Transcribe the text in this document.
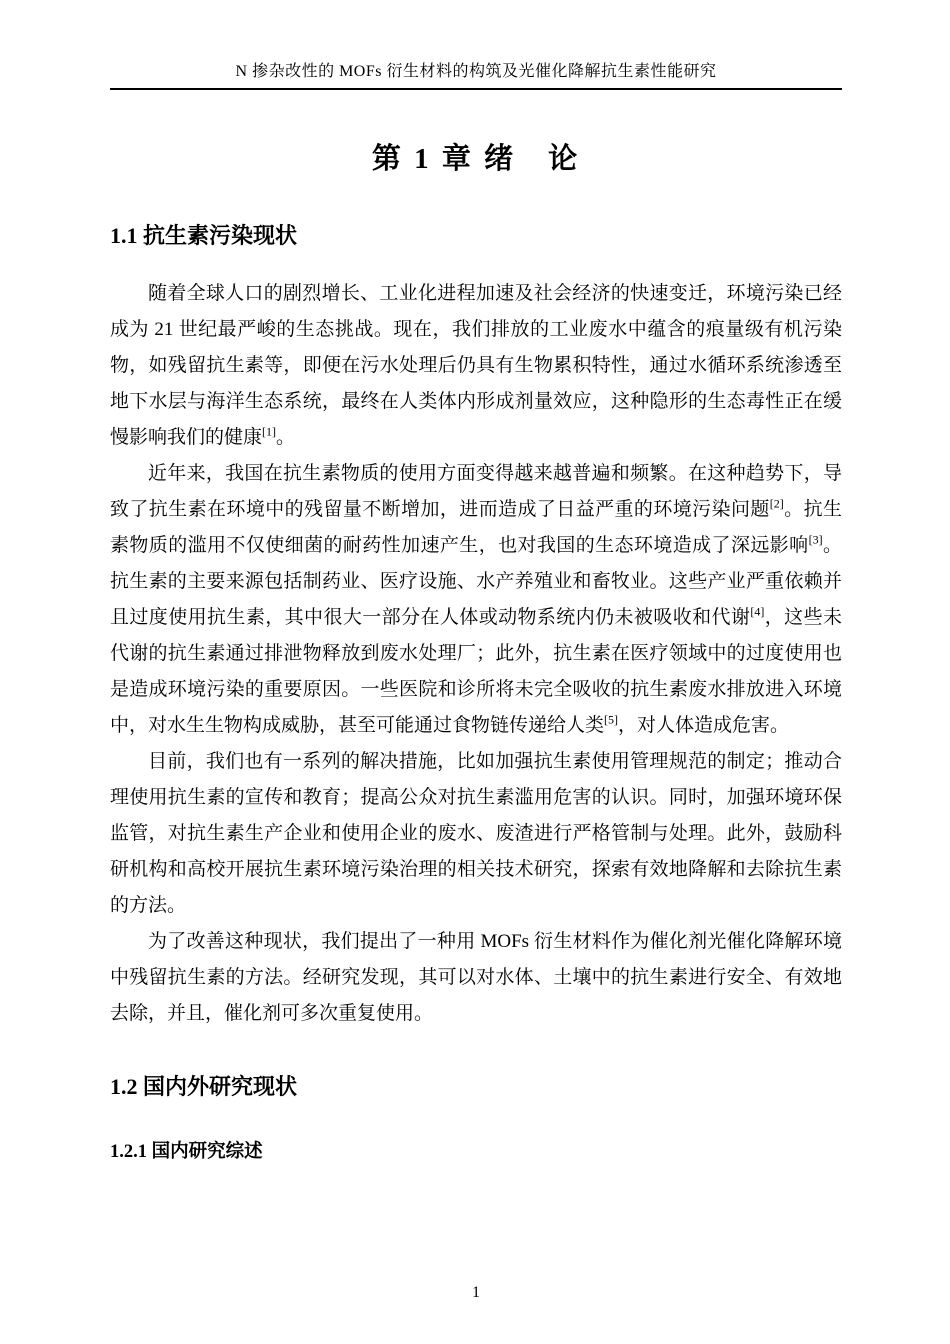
N 掺杂改性的 MOFs 衍生材料的构筑及光催化降解抗生素性能研究
第 1 章 绪　论
1.1 抗生素污染现状

随着全球人口的剧烈增长、工业化进程加速及社会经济的快速变迁，环境污染已经成为 21 世纪最严峻的生态挑战。现在，我们排放的工业废水中蕴含的痕量级有机污染物，如残留抗生素等，即便在污水处理后仍具有生物累积特性，通过水循环系统渗透至地下水层与海洋生态系统，最终在人类体内形成剂量效应，这种隐形的生态毒性正在缓慢影响我们的健康[1]。

近年来，我国在抗生素物质的使用方面变得越来越普遍和频繁。在这种趋势下，导致了抗生素在环境中的残留量不断增加，进而造成了日益严重的环境污染问题[2]。抗生素物质的滥用不仅使细菌的耐药性加速产生，也对我国的生态环境造成了深远影响[3]。抗生素的主要来源包括制药业、医疗设施、水产养殖业和畜牧业。这些产业严重依赖并且过度使用抗生素，其中很大一部分在人体或动物系统内仍未被吸收和代谢[4]，这些未代谢的抗生素通过排泄物释放到废水处理厂；此外，抗生素在医疗领域中的过度使用也是造成环境污染的重要原因。一些医院和诊所将未完全吸收的抗生素废水排放进入环境中，对水生生物构成威胁，甚至可能通过食物链传递给人类[5]，对人体造成危害。

目前，我们也有一系列的解决措施，比如加强抗生素使用管理规范的制定；推动合理使用抗生素的宣传和教育；提高公众对抗生素滥用危害的认识。同时，加强环境环保监管，对抗生素生产企业和使用企业的废水、废渣进行严格管制与处理。此外，鼓励科研机构和高校开展抗生素环境污染治理的相关技术研究，探索有效地降解和去除抗生素的方法。

为了改善这种现状，我们提出了一种用 MOFs 衍生材料作为催化剂光催化降解环境中残留抗生素的方法。经研究发现，其可以对水体、土壤中的抗生素进行安全、有效地去除，并且，催化剂可多次重复使用。

1.2 国内外研究现状
1.2.1 国内研究综述
1
